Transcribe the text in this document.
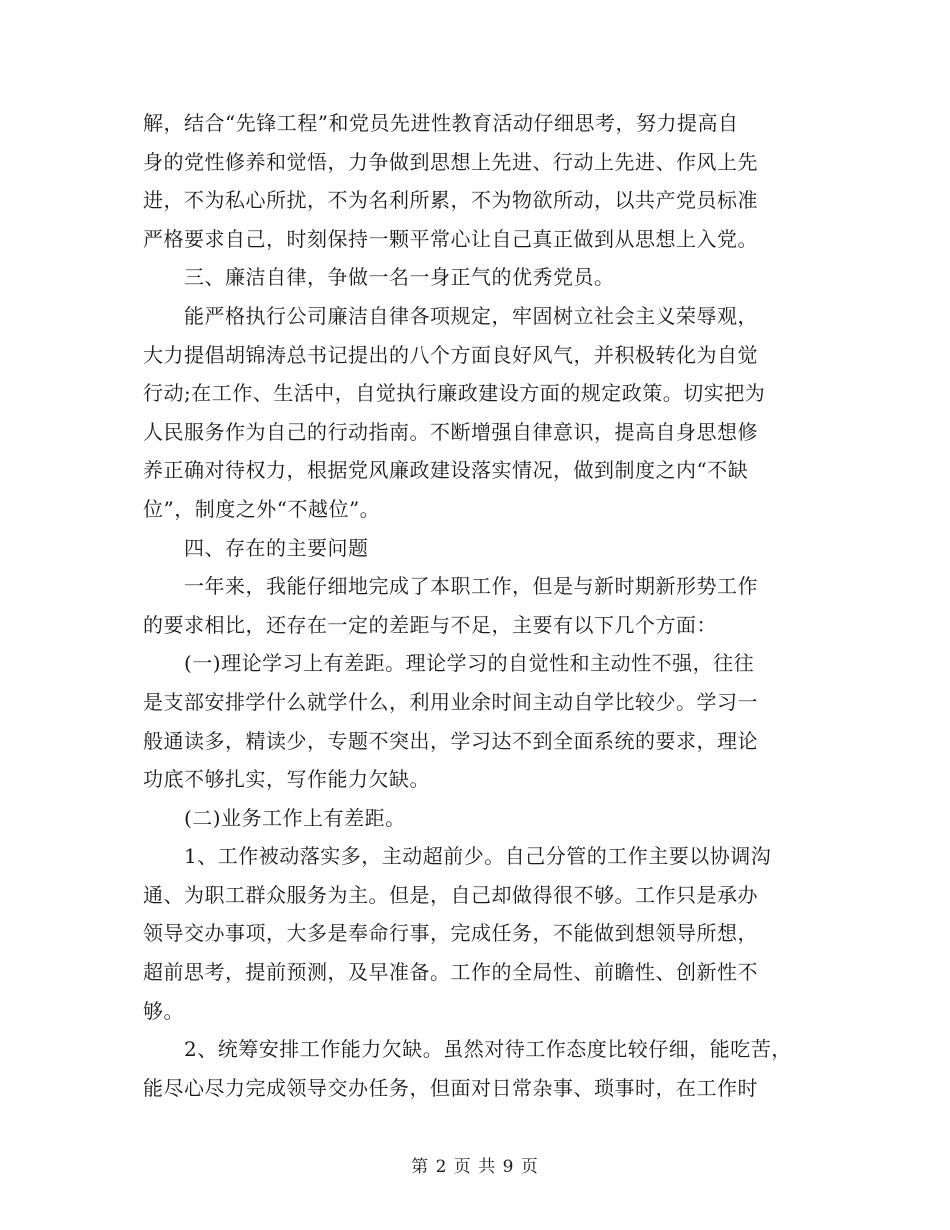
解，结合“先锋工程”和党员先进性教育活动仔细思考，努力提高自
身的党性修养和觉悟，力争做到思想上先进、行动上先进、作风上先
进，不为私心所扰，不为名利所累，不为物欲所动，以共产党员标准
严格要求自己，时刻保持一颗平常心让自己真正做到从思想上入党。
　　三、廉洁自律，争做一名一身正气的优秀党员。
　　能严格执行公司廉洁自律各项规定，牢固树立社会主义荣辱观，
大力提倡胡锦涛总书记提出的八个方面良好风气，并积极转化为自觉
行动;在工作、生活中，自觉执行廉政建设方面的规定政策。切实把为
人民服务作为自己的行动指南。不断增强自律意识，提高自身思想修
养正确对待权力，根据党风廉政建设落实情况，做到制度之内“不缺
位”，制度之外“不越位”。
　　四、存在的主要问题
　　一年来，我能仔细地完成了本职工作，但是与新时期新形势工作
的要求相比，还存在一定的差距与不足，主要有以下几个方面：
　　(一)理论学习上有差距。理论学习的自觉性和主动性不强，往往
是支部安排学什么就学什么，利用业余时间主动自学比较少。学习一
般通读多，精读少，专题不突出，学习达不到全面系统的要求，理论
功底不够扎实，写作能力欠缺。
　　(二)业务工作上有差距。
　　1、工作被动落实多，主动超前少。自己分管的工作主要以协调沟
通、为职工群众服务为主。但是，自己却做得很不够。工作只是承办
领导交办事项，大多是奉命行事，完成任务，不能做到想领导所想，
超前思考，提前预测，及早准备。工作的全局性、前瞻性、创新性不
够。
　　2、统筹安排工作能力欠缺。虽然对待工作态度比较仔细，能吃苦，
能尽心尽力完成领导交办任务，但面对日常杂事、琐事时，在工作时
第 2 页 共 9 页
